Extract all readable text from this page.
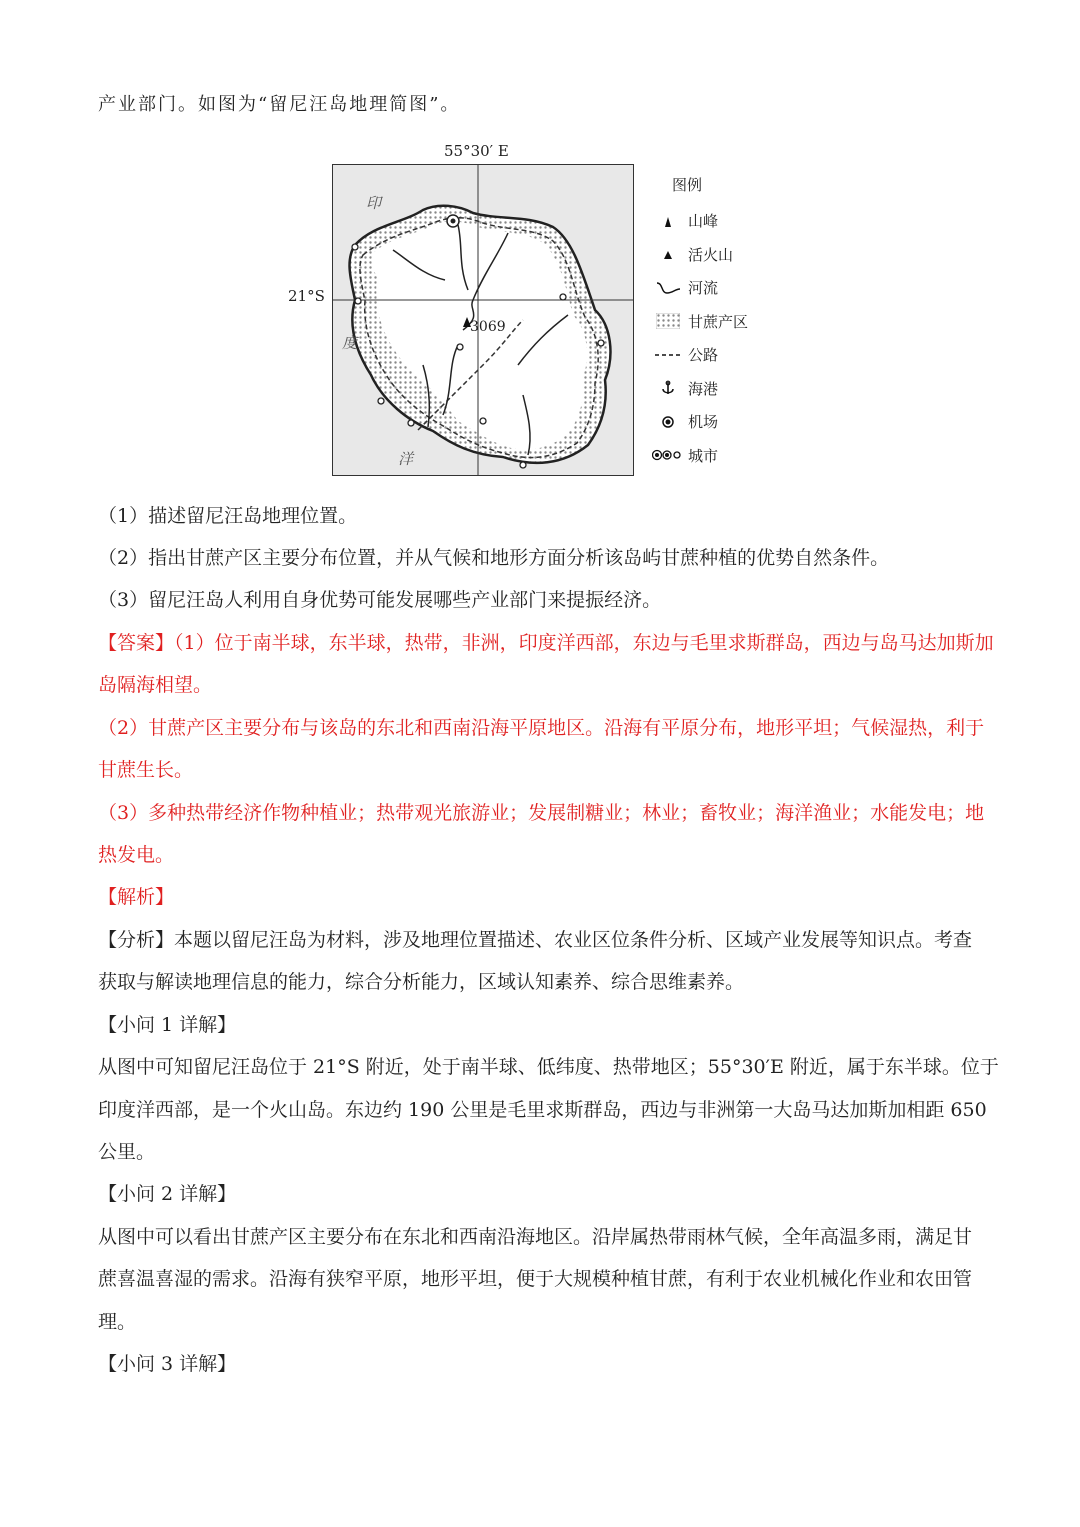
产业部门。如图为“留尼汪岛地理简图”。
55°30′ E
21°S
印
度
洋
3069
图例
山峰
活火山
河流
甘蔗产区
公路
海港
机场
城市
（1）描述留尼汪岛地理位置。
（2）指出甘蔗产区主要分布位置，并从气候和地形方面分析该岛屿甘蔗种植的优势自然条件。
（3）留尼汪岛人利用自身优势可能发展哪些产业部门来提振经济。
【答案】（1）位于南半球，东半球，热带，非洲，印度洋西部，东边与毛里求斯群岛，西边与岛马达加斯加
岛隔海相望。
（2）甘蔗产区主要分布与该岛的东北和西南沿海平原地区。沿海有平原分布，地形平坦；气候湿热，利于
甘蔗生长。
（3）多种热带经济作物种植业；热带观光旅游业；发展制糖业；林业；畜牧业；海洋渔业；水能发电；地
热发电。
【解析】
【分析】本题以留尼汪岛为材料，涉及地理位置描述、农业区位条件分析、区域产业发展等知识点。考查
获取与解读地理信息的能力，综合分析能力，区域认知素养、综合思维素养。
【小问 1 详解】
从图中可知留尼汪岛位于 21°S 附近，处于南半球、低纬度、热带地区；55°30′E 附近，属于东半球。位于
印度洋西部，是一个火山岛。东边约 190 公里是毛里求斯群岛，西边与非洲第一大岛马达加斯加相距 650
公里。
【小问 2 详解】
从图中可以看出甘蔗产区主要分布在东北和西南沿海地区。沿岸属热带雨林气候，全年高温多雨，满足甘
蔗喜温喜湿的需求。沿海有狭窄平原，地形平坦，便于大规模种植甘蔗，有利于农业机械化作业和农田管
理。
【小问 3 详解】
